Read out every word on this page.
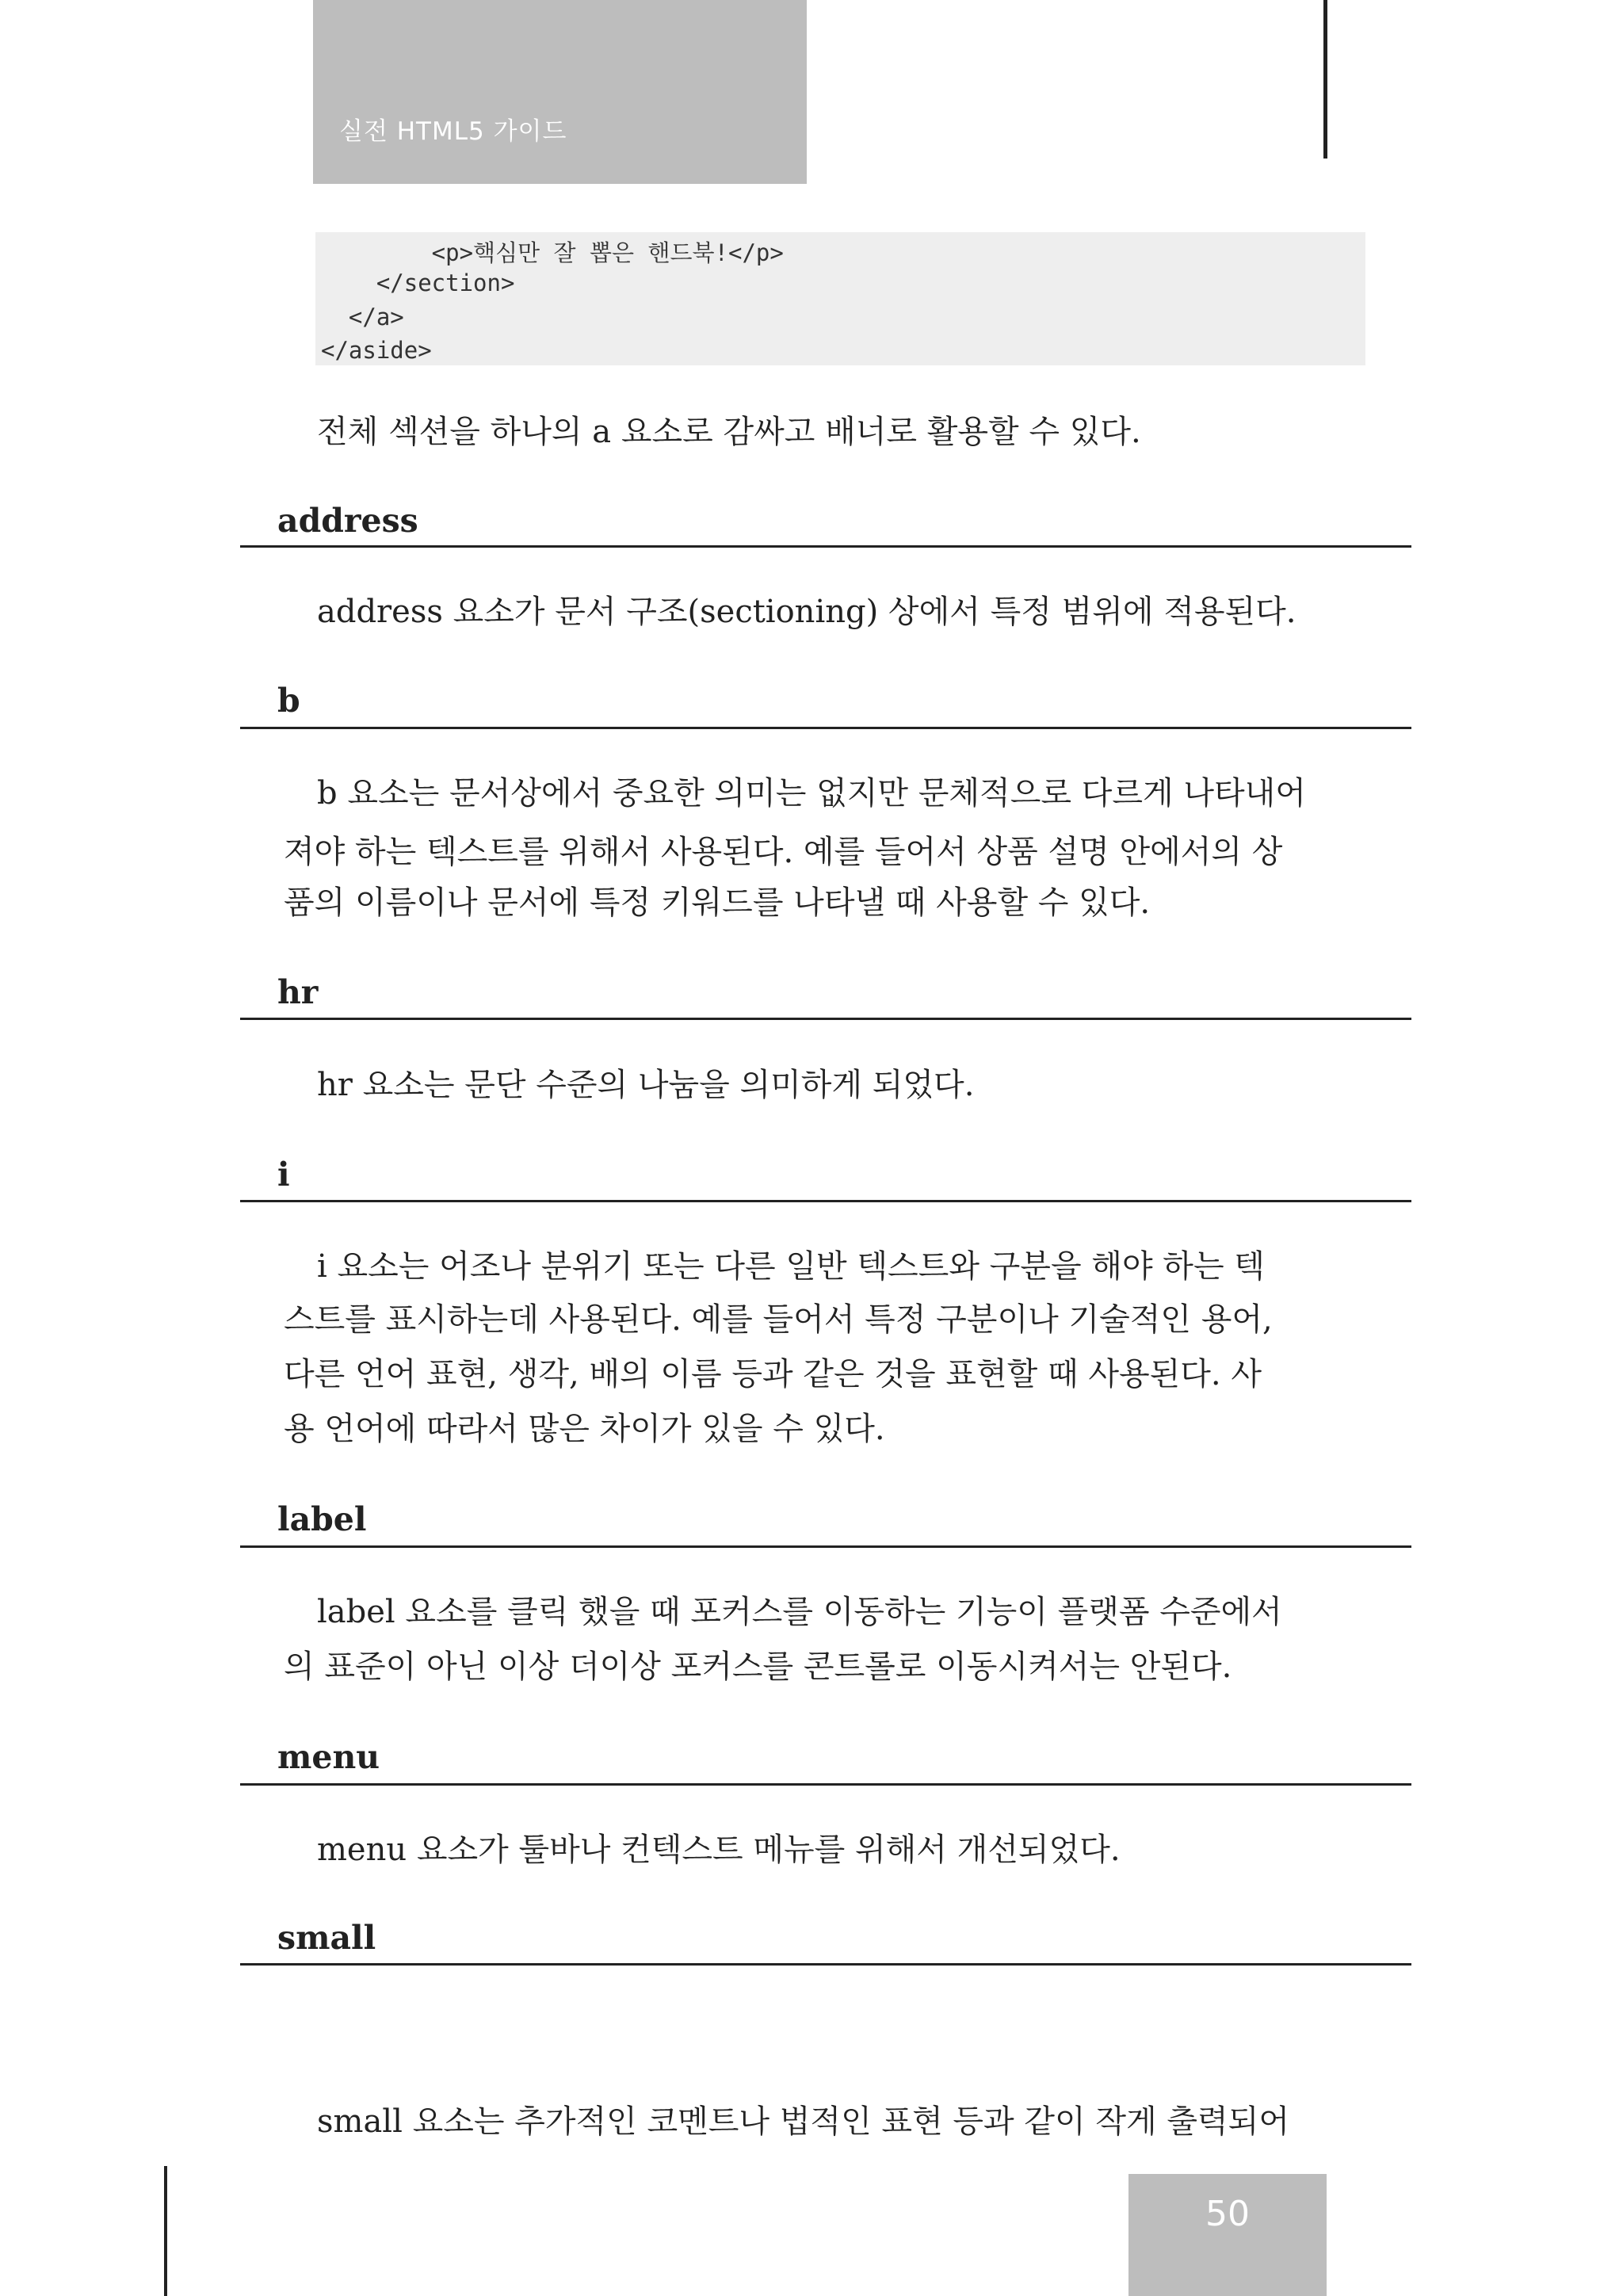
실전 HTML5 가이드
<p>핵심만 잘 뽑은 핸드북!</p>
</section>
</a>
</aside>
전체 섹션을 하나의 a 요소로 감싸고 배너로 활용할 수 있다.
address
address 요소가 문서 구조(sectioning) 상에서 특정 범위에 적용된다.
b
b 요소는 문서상에서 중요한 의미는 없지만 문체적으로 다르게 나타내어
져야 하는 텍스트를 위해서 사용된다. 예를 들어서 상품 설명 안에서의 상
품의 이름이나 문서에 특정 키워드를 나타낼 때 사용할 수 있다.
hr
hr 요소는 문단 수준의 나눔을 의미하게 되었다.
i
i 요소는 어조나 분위기 또는 다른 일반 텍스트와 구분을 해야 하는 텍
스트를 표시하는데 사용된다. 예를 들어서 특정 구분이나 기술적인 용어,
다른 언어 표현, 생각, 배의 이름 등과 같은 것을 표현할 때 사용된다. 사
용 언어에 따라서 많은 차이가 있을 수 있다.
label
label 요소를 클릭 했을 때 포커스를 이동하는 기능이 플랫폼 수준에서
의 표준이 아닌 이상 더이상 포커스를 콘트롤로 이동시켜서는 안된다.
menu
menu 요소가 툴바나 컨텍스트 메뉴를 위해서 개선되었다.
small
small 요소는 추가적인 코멘트나 법적인 표현 등과 같이 작게 출력되어
50
